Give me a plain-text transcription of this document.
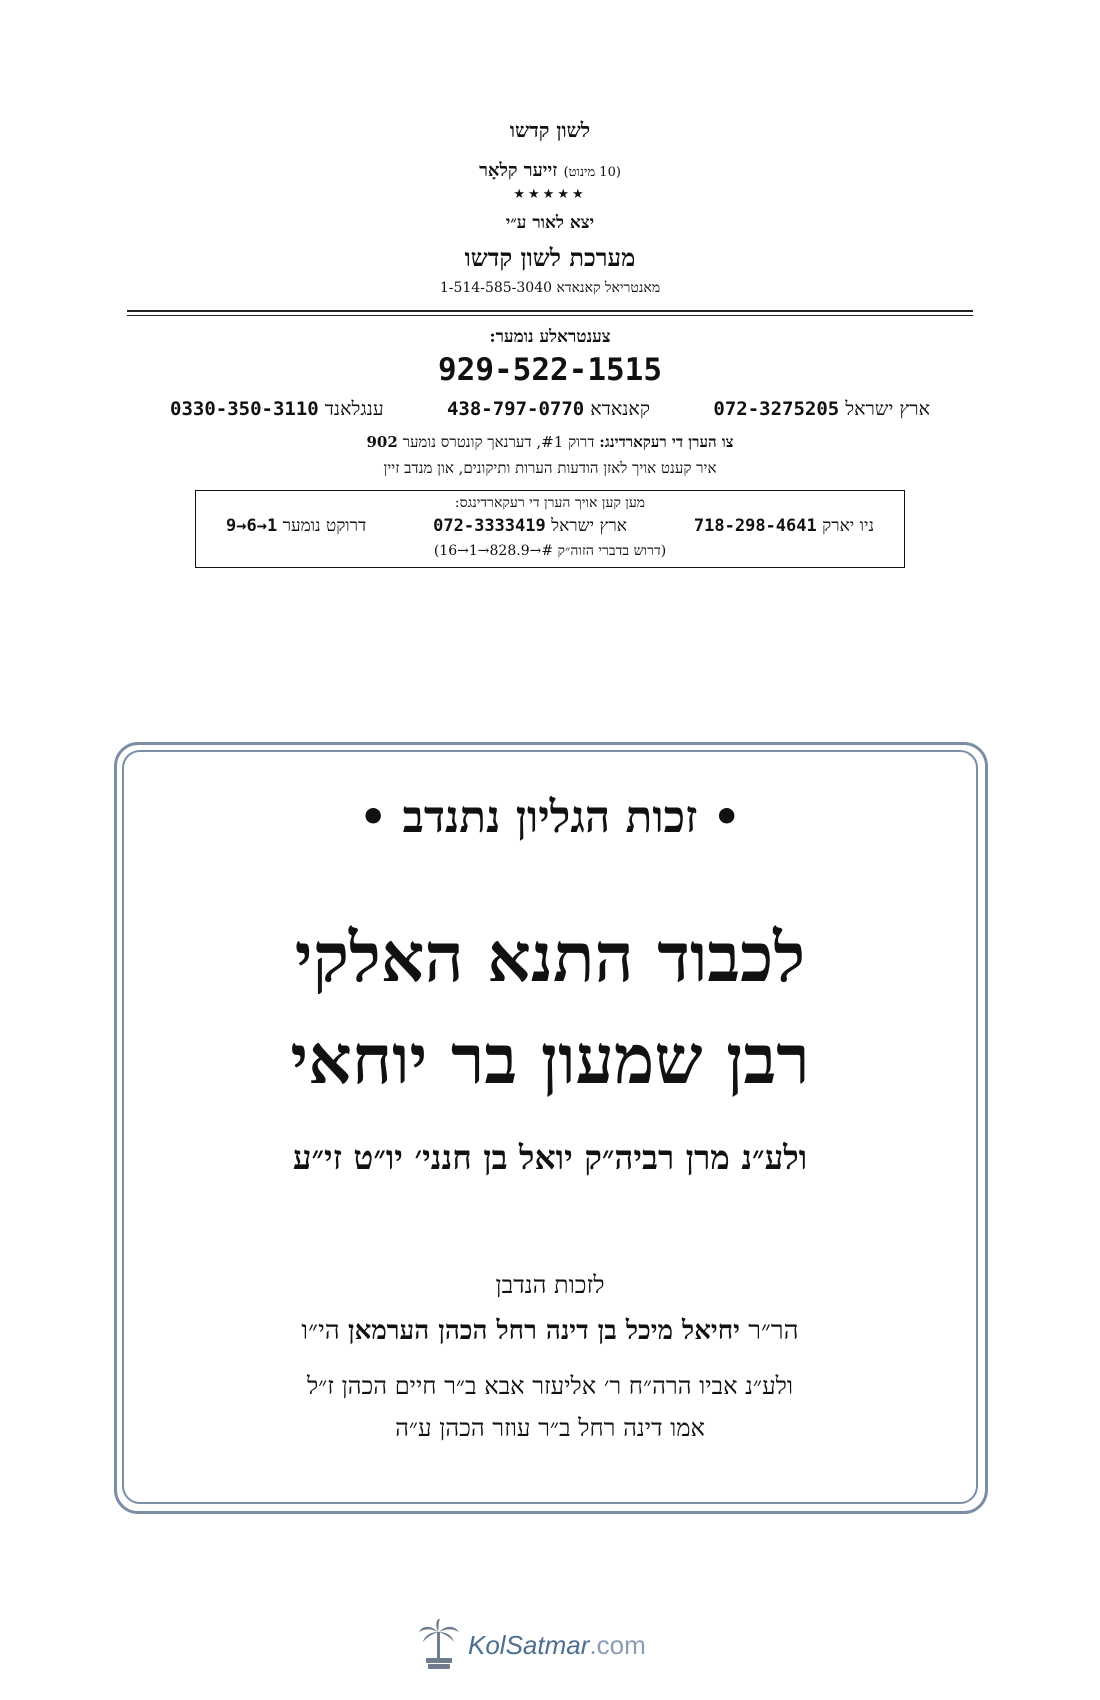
לשון קדשו
(10 מינוט) זייער קלאָר
★★★★★
יצא לאור ע״י
מערכת לשון קדשו
מאנטריאל קאנאדא 1-514-585-3040
צענטראלע נומער:
929-522-1515
ארץ ישראל 072-3275205
קאנאדא 438-797-0770
ענגלאנד 0330-350-3110
צו הערן די רעקארדינג: דרוק #1, דערנאך קונטרס נומער 902
איר קענט אויך לאזן הודעות הערות ותיקונים, און מנדב זיין
מען קען אויך הערן די רעקארדינגס:
ניו יארק 718-298-4641
ארץ ישראל 072-3333419
דרוקט נומער 9→6→1
(דרוש בדברי הזוה״ק #→828.9→1→16)
• זכות הגליון נתנדב •
לכבוד התנא האלקי
רבן שמעון בר יוחאי
ולע״נ מרן רביה״ק יואל בן חנני׳ יו״ט זי״ע
לזכות הנדבן
הר״ר יחיאל מיכל בן דינה רחל הכהן הערמאן הי״ו
ולע״נ אביו הרה״ח ר׳ אליעזר אבא ב״ר חיים הכהן ז״ל
אמו דינה רחל ב״ר עוזר הכהן ע״ה
KolSatmar.com
